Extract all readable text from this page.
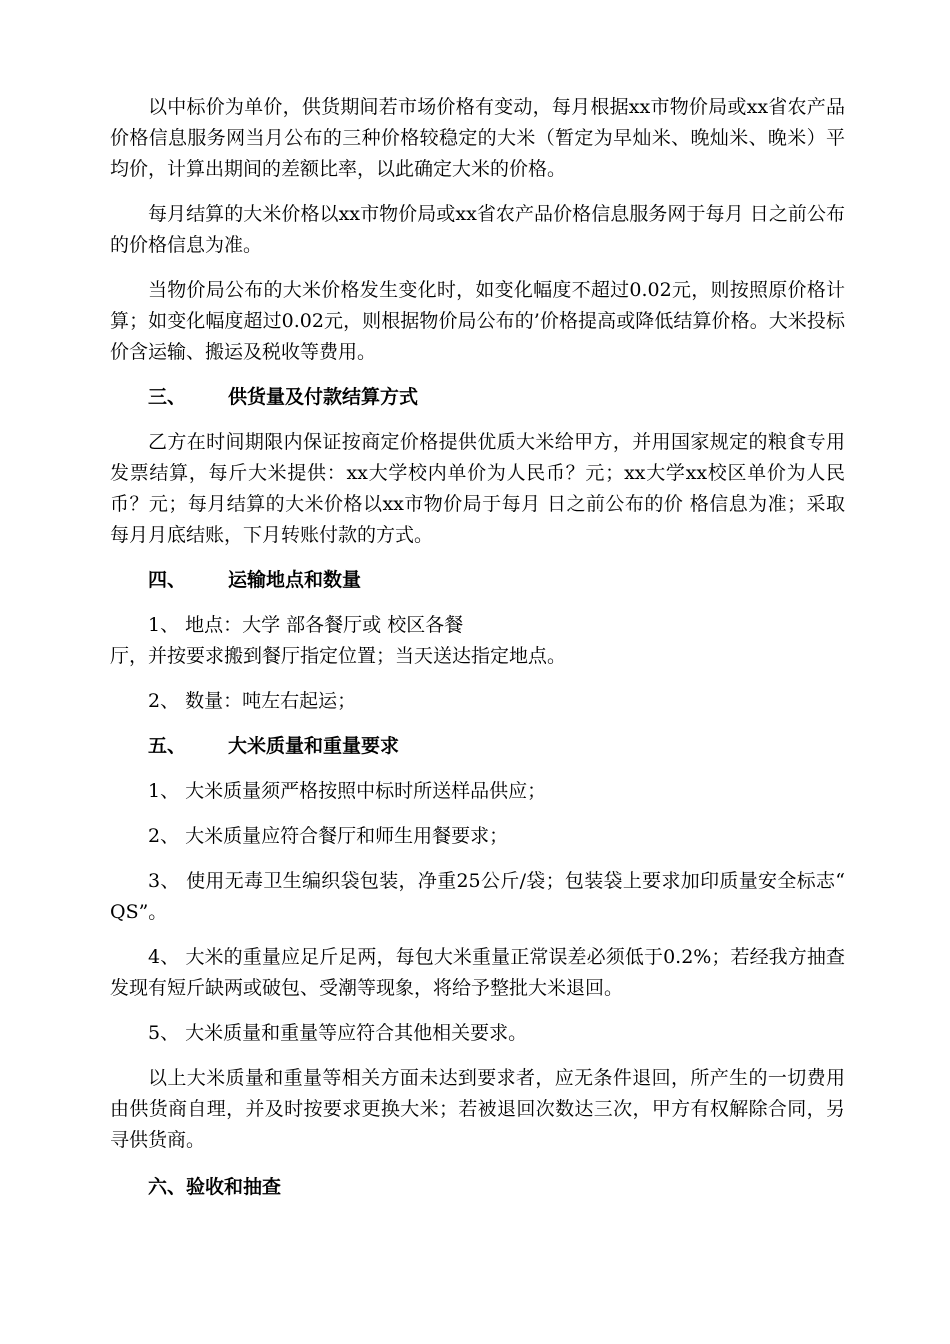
以中标价为单价，供货期间若市场价格有变动，每月根据xx市物价局或xx省农产品价格信息服务网当月公布的三种价格较稳定的大米（暂定为早灿米、晚灿米、晚米）平均价，计算出期间的差额比率，以此确定大米的价格。

每月结算的大米价格以xx市物价局或xx省农产品价格信息服务网于每月 日之前公布的价格信息为准。

当物价局公布的大米价格发生变化时，如变化幅度不超过0.02元，则按照原价格计算；如变化幅度超过0.02元，则根据物价局公布的’价格提高或降低结算价格。大米投标价含运输、搬运及税收等费用。

三、 供货量及付款结算方式

乙方在时间期限内保证按商定价格提供优质大米给甲方，并用国家规定的粮食专用发票结算，每斤大米提供：xx大学校内单价为人民币？元；xx大学xx校区单价为人民币？元；每月结算的大米价格以xx市物价局于每月 日之前公布的价 格信息为准；采取每月月底结账，下月转账付款的方式。

四、 运输地点和数量
1、 地点：大学 部各餐厅或 校区各餐
厅，并按要求搬到餐厅指定位置；当天送达指定地点。

2、 数量：吨左右起运；

五、 大米质量和重量要求

1、 大米质量须严格按照中标时所送样品供应；

2、 大米质量应符合餐厅和师生用餐要求；

3、 使用无毒卫生编织袋包装，净重25公斤/袋；包装袋上要求加印质量安全标志“ QS”。

4、 大米的重量应足斤足两，每包大米重量正常误差必须低于0.2%；若经我方抽查发现有短斤缺两或破包、受潮等现象，将给予整批大米退回。

5、 大米质量和重量等应符合其他相关要求。

以上大米质量和重量等相关方面未达到要求者，应无条件退回，所产生的一切费用由供货商自理，并及时按要求更换大米；若被退回次数达三次，甲方有权解除合同，另寻供货商。

六、验收和抽查
